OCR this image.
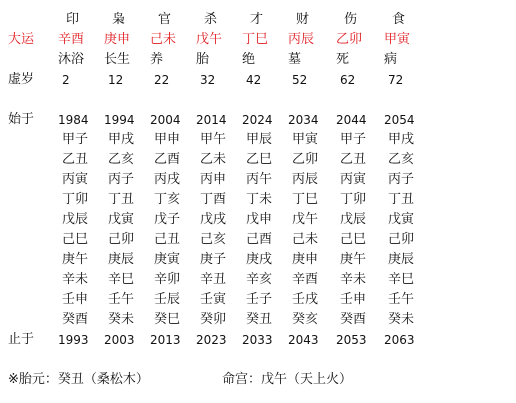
大运
虚岁
始于
止于
※胎元：癸丑（桑松木）	命宫：戊午（天上火）
印
辛酉
沐浴
2
1984
甲子
乙丑
丙寅
丁卯
戊辰
己巳
庚午
辛未
壬申
癸酉
1993
枭
庚申
长生
12
1994
甲戌
乙亥
丙子
丁丑
戊寅
己卯
庚辰
辛巳
壬午
癸未
2003
官
己未
养
22
2004
甲申
乙酉
丙戌
丁亥
戊子
己丑
庚寅
辛卯
壬辰
癸巳
2013
杀
戊午
胎
32
2014
甲午
乙未
丙申
丁酉
戊戌
己亥
庚子
辛丑
壬寅
癸卯
2023
才
丁巳
绝
42
2024
甲辰
乙巳
丙午
丁未
戊申
己酉
庚戌
辛亥
壬子
癸丑
2033
财
丙辰
墓
52
2034
甲寅
乙卯
丙辰
丁巳
戊午
己未
庚申
辛酉
壬戌
癸亥
2043
伤
乙卯
死
62
2044
甲子
乙丑
丙寅
丁卯
戊辰
己巳
庚午
辛未
壬申
癸酉
2053
食
甲寅
病
72
2054
甲戌
乙亥
丙子
丁丑
戊寅
己卯
庚辰
辛巳
壬午
癸未
2063
